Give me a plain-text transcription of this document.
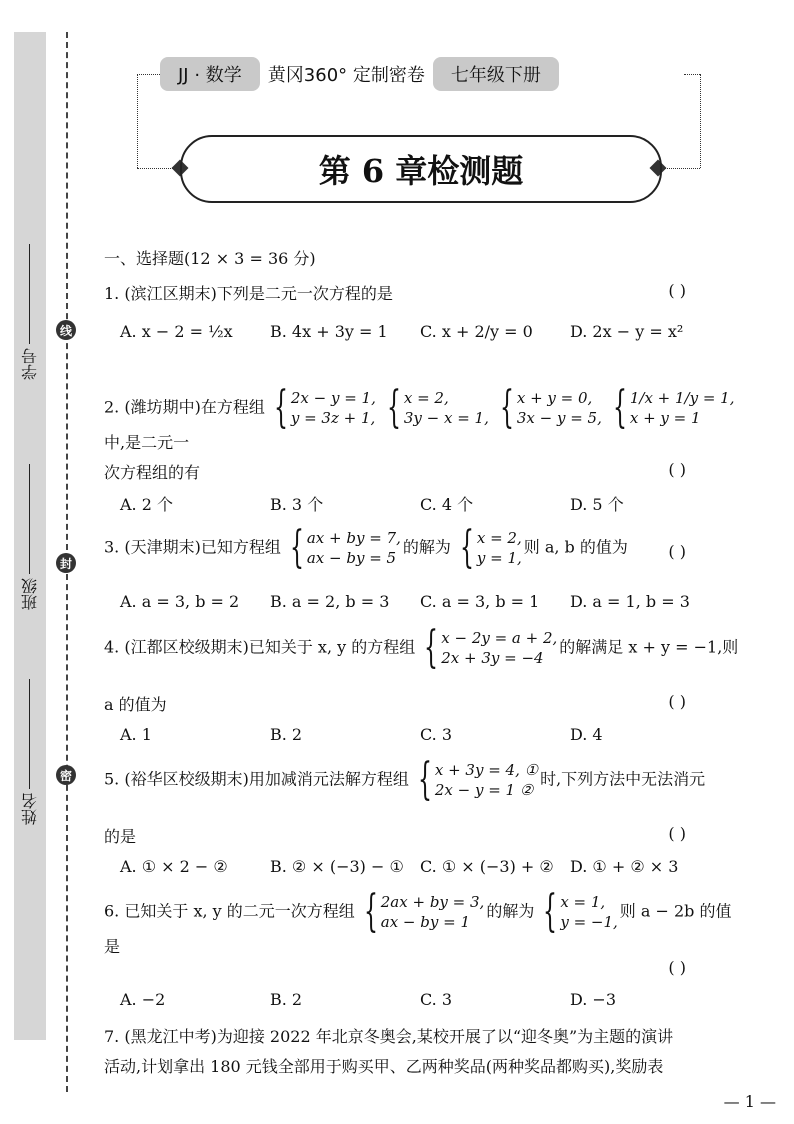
线
封
密
学号
班级
姓名
JJ · 数学	黄冈360° 定制密卷	七年级下册
第 6 章检测题
一、选择题(12 × 3 = 36 分)
1. (滨江区期末)下列是二元一次方程的是	( )
A. x − 2 = ½x	B. 4x + 3y = 1	C. x + 2/y = 0	D. 2x − y = x²
2. (潍坊期中)在方程组 { 2x − y = 1,
y = 3z + 1, { x = 2,
3y − x = 1, { x + y = 0,
3x − y = 5, { 1/x + 1/y = 1,
x + y = 1
中,是二元一
次方程组的有	( )
A. 2 个	B. 3 个	C. 4 个	D. 5 个
3. (天津期末)已知方程组 { ax + by = 7,
ax − by = 5
的解为 { x = 2,
y = 1,
则 a, b 的值为	( )
A. a = 3, b = 2	B. a = 2, b = 3	C. a = 3, b = 1	D. a = 1, b = 3
4. (江都区校级期末)已知关于 x, y 的方程组 { x − 2y = a + 2,
2x + 3y = −4
的解满足 x + y = −1,则
a 的值为	( )
A. 1	B. 2	C. 3	D. 4
5. (裕华区校级期末)用加减消元法解方程组 { x + 3y = 4, ①
2x − y = 1 ②
时,下列方法中无法消元
的是	( )
A. ① × 2 − ②	B. ② × (−3) − ①	C. ① × (−3) + ②	D. ① + ② × 3
6. 已知关于 x, y 的二元一次方程组 { 2ax + by = 3,
ax − by = 1
的解为 { x = 1,
y = −1,
则 a − 2b 的值是
( )
A. −2	B. 2	C. 3	D. −3
7. (黑龙江中考)为迎接 2022 年北京冬奥会,某校开展了以“迎冬奥”为主题的演讲
活动,计划拿出 180 元钱全部用于购买甲、乙两种奖品(两种奖品都购买),奖励表
— 1 —
